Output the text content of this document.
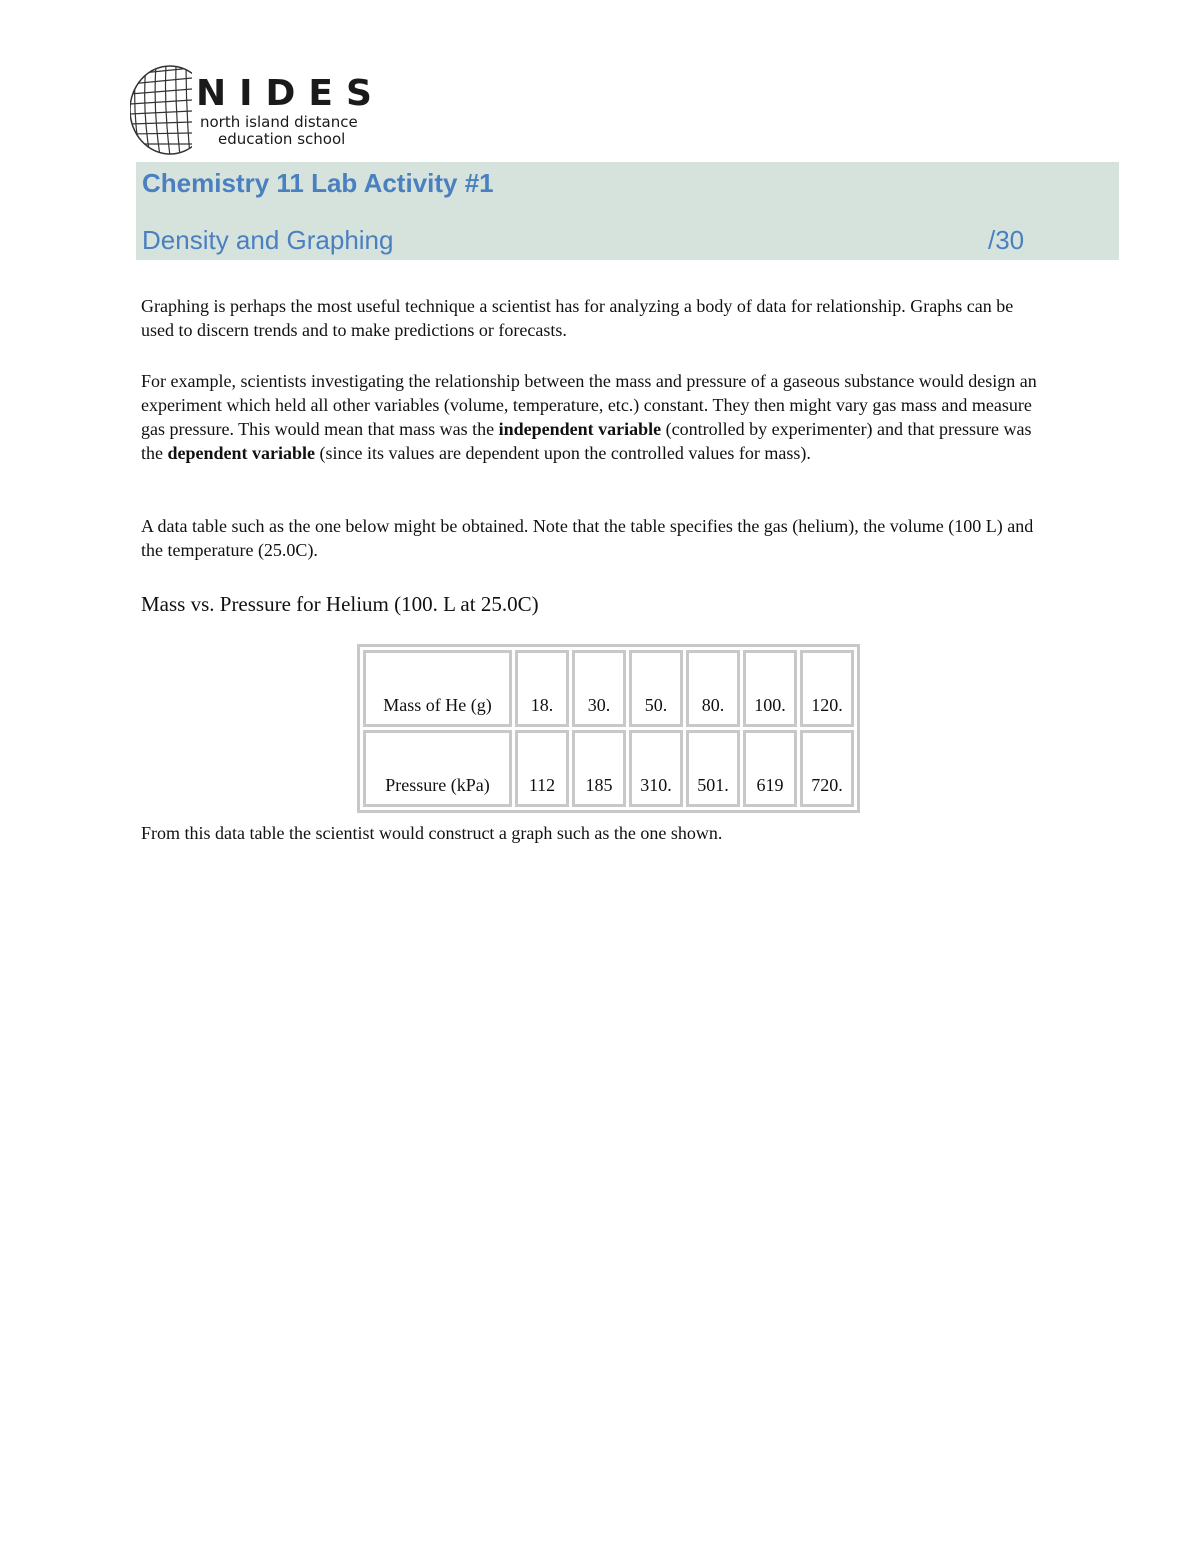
NIDES
north island distance
education school
Chemistry 11 Lab Activity #1
Density and Graphing	/30

Graphing is perhaps the most useful technique a scientist has for analyzing a body of data for relationship. Graphs can be used to discern trends and to make predictions or forecasts.

For example, scientists investigating the relationship between the mass and pressure of a gaseous substance would design an experiment which held all other variables (volume, temperature, etc.) constant. They then might vary gas mass and measure gas pressure. This would mean that mass was the independent variable (controlled by experimenter) and that pressure was the dependent variable (since its values are dependent upon the controlled values for mass).

A data table such as the one below might be obtained. Note that the table specifies the gas (helium), the volume (100 L) and the temperature (25.0C).

Mass vs. Pressure for Helium (100. L at 25.0C)
Mass of He (g)	18.	30.	50.	80.	100.	120.
Pressure (kPa)	112	185	310.	501.	619	720.

From this data table the scientist would construct a graph such as the one shown.
